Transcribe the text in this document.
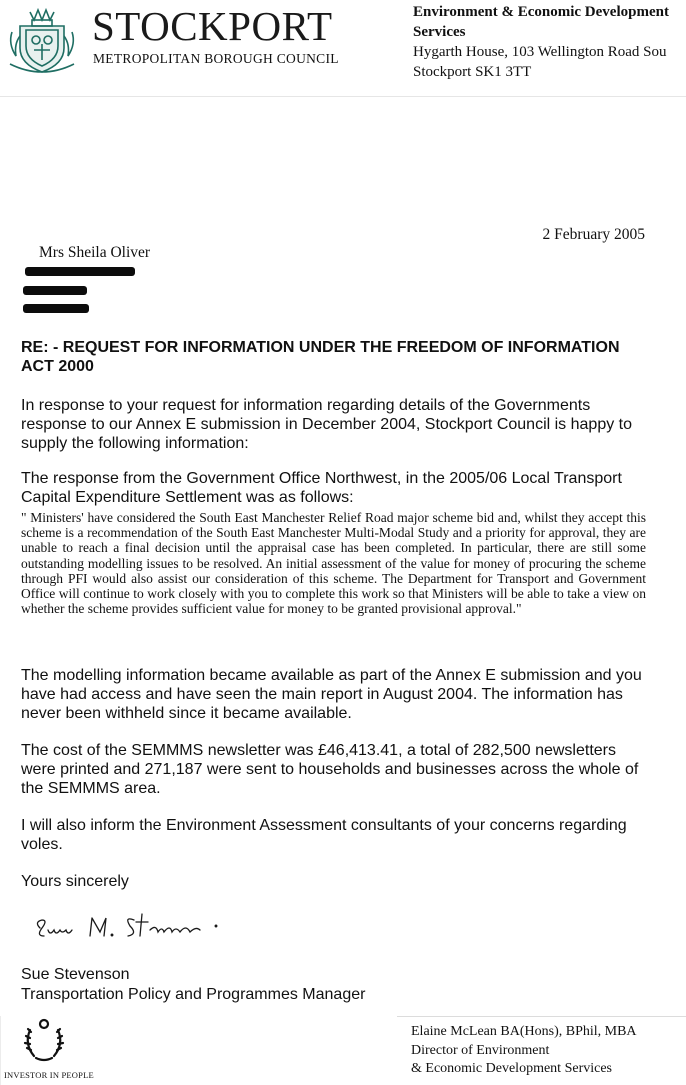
STOCKPORT
METROPOLITAN BOROUGH COUNCIL
Environment & Economic Development
Services
Hygarth House, 103 Wellington Road Sou
Stockport SK1 3TT
2 February 2005
Mrs Sheila Oliver
RE: - REQUEST FOR INFORMATION UNDER THE FREEDOM OF INFORMATION ACT 2000
In response to your request for information regarding details of the Governments response to our Annex E submission in December 2004, Stockport Council is happy to supply the following information:
The response from the Government Office Northwest, in the 2005/06 Local Transport Capital Expenditure Settlement was as follows:
" Ministers' have considered the South East Manchester Relief Road major scheme bid and, whilst they accept this scheme is a recommendation of the South East Manchester Multi-Modal Study and a priority for approval, they are unable to reach a final decision until the appraisal case has been completed. In particular, there are still some outstanding modelling issues to be resolved. An initial assessment of the value for money of procuring the scheme through PFI would also assist our consideration of this scheme. The Department for Transport and Government Office will continue to work closely with you to complete this work so that Ministers will be able to take a view on whether the scheme provides sufficient value for money to be granted provisional approval."
The modelling information became available as part of the Annex E submission and you have had access and have seen the main report in August 2004. The information has never been withheld since it became available.
The cost of the SEMMMS newsletter was £46,413.41, a total of 282,500 newsletters were printed and 271,187 were sent to households and businesses across the whole of the SEMMMS area.
I will also inform the Environment Assessment consultants of your concerns regarding voles.
Yours sincerely
Sue Stevenson
Transportation Policy and Programmes Manager
INVESTOR IN PEOPLE
Elaine McLean BA(Hons), BPhil, MBA
Director of Environment
& Economic Development Services
